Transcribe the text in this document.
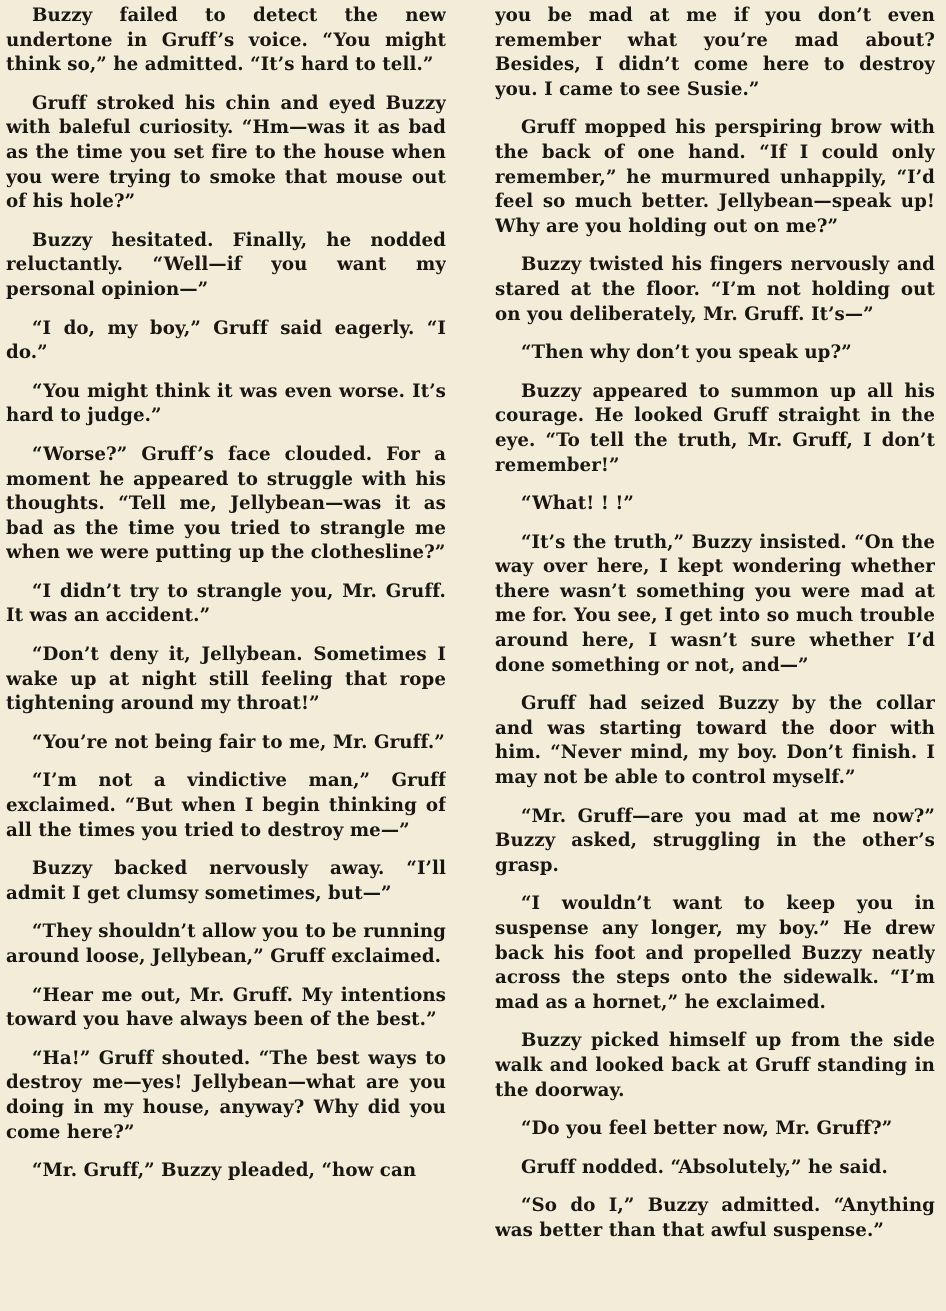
Buzzy failed to detect the new undertone in Gruff’s voice. “You might think so,” he admitted. “It’s hard to tell.”

Gruff stroked his chin and eyed Buzzy with baleful curiosity. “Hm—was it as bad as the time you set fire to the house when you were trying to smoke that mouse out of his hole?”

Buzzy hesitated. Finally, he nodded reluctantly. “Well—if you want my personal opinion—”

“I do, my boy,” Gruff said eagerly. “I do.”

“You might think it was even worse. It’s hard to judge.”

“Worse?” Gruff’s face clouded. For a moment he appeared to struggle with his thoughts. “Tell me, Jellybean—was it as bad as the time you tried to strangle me when we were putting up the clothesline?”

“I didn’t try to strangle you, Mr. Gruff. It was an accident.”

“Don’t deny it, Jellybean. Sometimes I wake up at night still feeling that rope tightening around my throat!”

“You’re not being fair to me, Mr. Gruff.”

“I’m not a vindictive man,” Gruff exclaimed. “But when I begin thinking of all the times you tried to destroy me—”

Buzzy backed nervously away. “I’ll admit I get clumsy sometimes, but—”

“They shouldn’t allow you to be running around loose, Jellybean,” Gruff exclaimed.

“Hear me out, Mr. Gruff. My intentions toward you have always been of the best.”

“Ha!” Gruff shouted. “The best ways to destroy me—yes! Jellybean—what are you doing in my house, anyway? Why did you come here?”

“Mr. Gruff,” Buzzy pleaded, “how can

you be mad at me if you don’t even remember what you’re mad about? Besides, I didn’t come here to destroy you. I came to see Susie.”

Gruff mopped his perspiring brow with the back of one hand. “If I could only remember,” he murmured unhappily, “I’d feel so much better. Jellybean—speak up! Why are you holding out on me?”

Buzzy twisted his fingers nervously and stared at the floor. “I’m not holding out on you deliberately, Mr. Gruff. It’s—”

“Then why don’t you speak up?”

Buzzy appeared to summon up all his courage. He looked Gruff straight in the eye. “To tell the truth, Mr. Gruff, I don’t remember!”

“What! ! !”

“It’s the truth,” Buzzy insisted. “On the way over here, I kept wondering whether there wasn’t something you were mad at me for. You see, I get into so much trouble around here, I wasn’t sure whether I’d done something or not, and—”

Gruff had seized Buzzy by the collar and was starting toward the door with him. “Never mind, my boy. Don’t finish. I may not be able to control myself.”

“Mr. Gruff—are you mad at me now?” Buzzy asked, struggling in the other’s grasp.

“I wouldn’t want to keep you in suspense any longer, my boy.” He drew back his foot and propelled Buzzy neatly across the steps onto the sidewalk. “I’m mad as a hornet,” he exclaimed.

Buzzy picked himself up from the side walk and looked back at Gruff standing in the doorway.

“Do you feel better now, Mr. Gruff?”

Gruff nodded. “Absolutely,” he said.

“So do I,” Buzzy admitted. “Anything was better than that awful suspense.”
